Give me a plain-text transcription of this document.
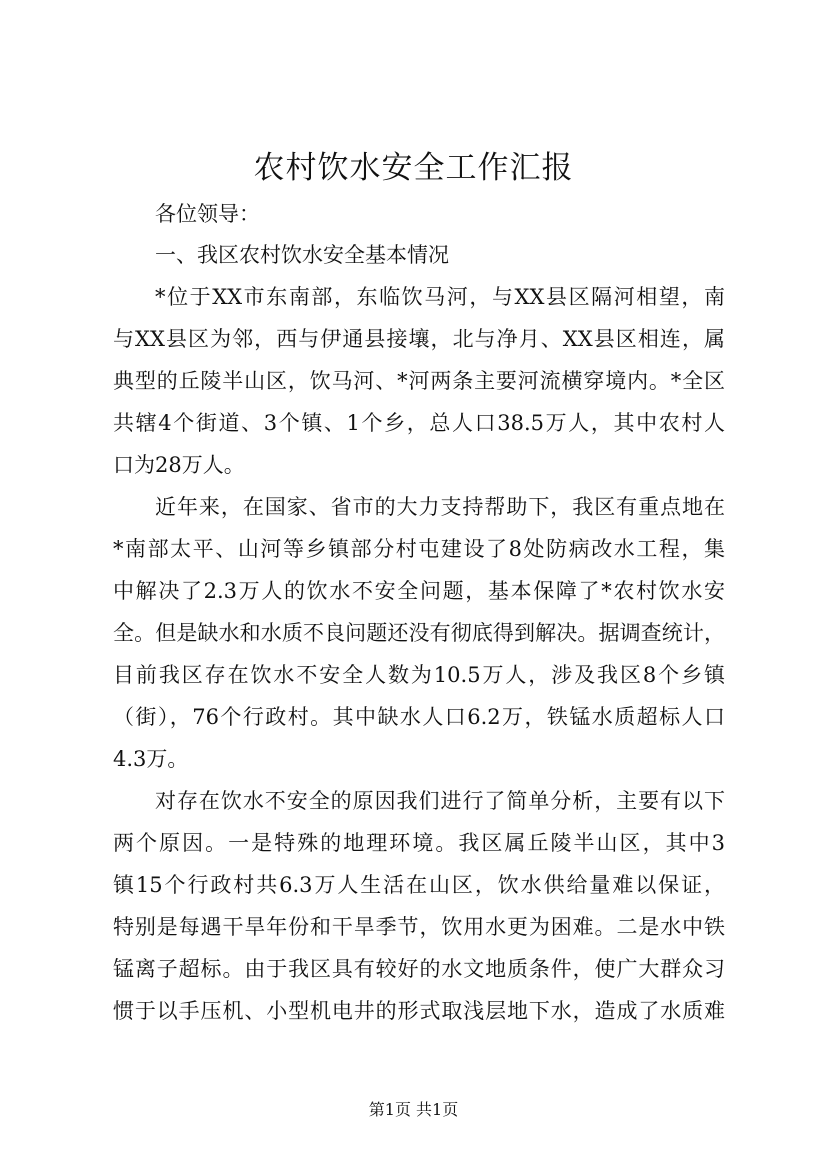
农村饮水安全工作汇报

各位领导：

一、我区农村饮水安全基本情况

*位于XX市东南部，东临饮马河，与XX县区隔河相望，南

与XX县区为邻，西与伊通县接壤，北与净月、XX县区相连，属

典型的丘陵半山区，饮马河、*河两条主要河流横穿境内。*全区

共辖4个街道、3个镇、1个乡，总人口38.5万人，其中农村人

口为28万人。

近年来，在国家、省市的大力支持帮助下，我区有重点地在

*南部太平、山河等乡镇部分村屯建设了8处防病改水工程，集

中解决了2.3万人的饮水不安全问题，基本保障了*农村饮水安

全。但是缺水和水质不良问题还没有彻底得到解决。据调查统计，

目前我区存在饮水不安全人数为10.5万人，涉及我区8个乡镇

（街），76个行政村。其中缺水人口6.2万，铁锰水质超标人口

4.3万。

对存在饮水不安全的原因我们进行了简单分析，主要有以下

两个原因。一是特殊的地理环境。我区属丘陵半山区，其中3

镇15个行政村共6.3万人生活在山区，饮水供给量难以保证，

特别是每遇干旱年份和干旱季节，饮用水更为困难。二是水中铁

锰离子超标。由于我区具有较好的水文地质条件，使广大群众习

惯于以手压机、小型机电井的形式取浅层地下水，造成了水质难

第1页 共1页
